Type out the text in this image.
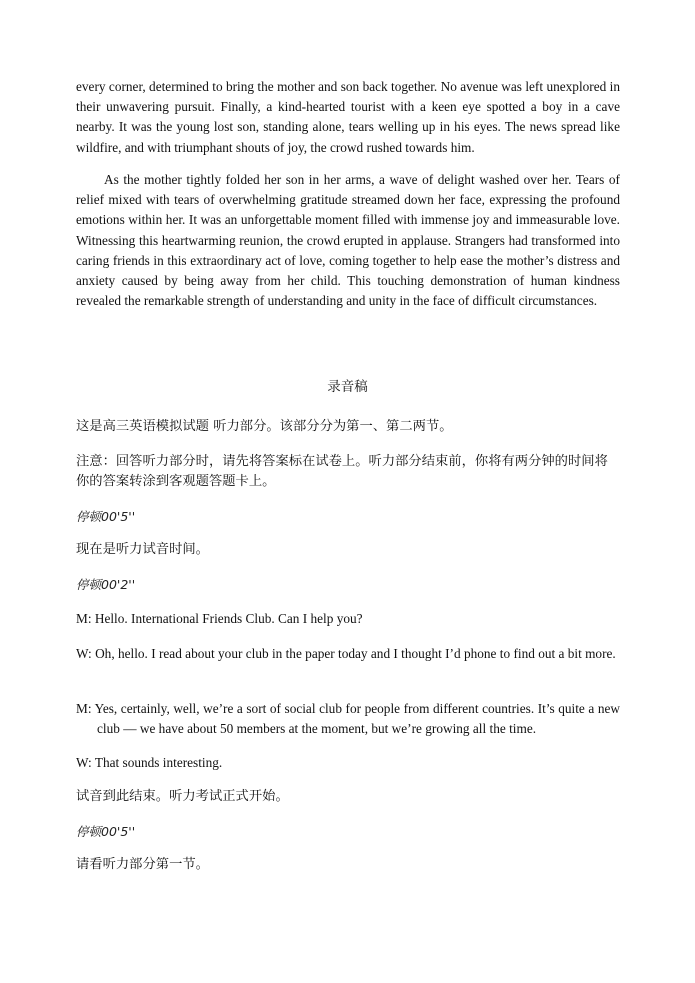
every corner, determined to bring the mother and son back together. No avenue was left unexplored in their unwavering pursuit. Finally, a kind-hearted tourist with a keen eye spotted a boy in a cave nearby. It was the young lost son, standing alone, tears welling up in his eyes. The news spread like wildfire, and with triumphant shouts of joy, the crowd rushed towards him.

As the mother tightly folded her son in her arms, a wave of delight washed over her. Tears of relief mixed with tears of overwhelming gratitude streamed down her face, expressing the profound emotions within her. It was an unforgettable moment filled with immense joy and immeasurable love. Witnessing this heartwarming reunion, the crowd erupted in applause. Strangers had transformed into caring friends in this extraordinary act of love, coming together to help ease the mother’s distress and anxiety caused by being away from her child. This touching demonstration of human kindness revealed the remarkable strength of understanding and unity in the face of difficult circumstances.

录音稿

这是高三英语模拟试题 听力部分。该部分分为第一、第二两节。

注意：回答听力部分时，请先将答案标在试卷上。听力部分结束前，你将有两分钟的时间将你的答案转涂到客观题答题卡上。

停顿00'5''

现在是听力试音时间。

停顿00'2''

M: Hello. International Friends Club. Can I help you?

W: Oh, hello. I read about your club in the paper today and I thought I’d phone to find out a bit more.

M: Yes, certainly, well, we’re a sort of social club for people from different countries. It’s quite a new club — we have about 50 members at the moment, but we’re growing all the time.

W: That sounds interesting.

试音到此结束。听力考试正式开始。

停顿00'5''

请看听力部分第一节。
